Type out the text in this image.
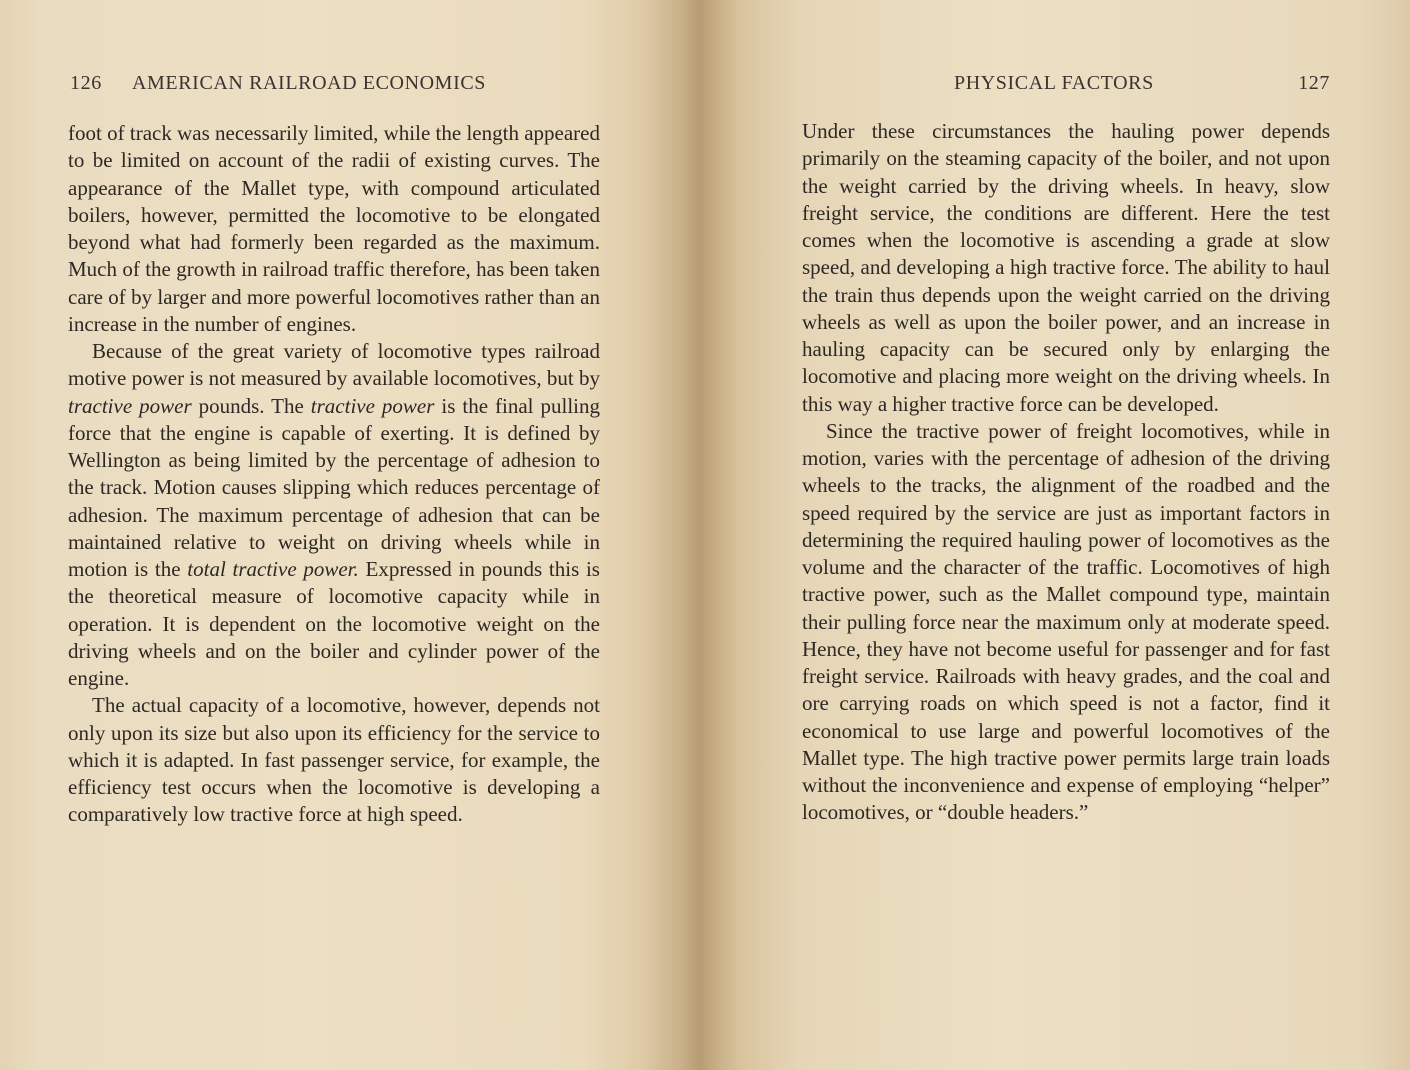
126 AMERICAN RAILROAD ECONOMICS

foot of track was necessarily limited, while the length appeared to be limited on account of the radii of existing curves. The appearance of the Mallet type, with compound articulated boilers, however, permitted the locomotive to be elongated beyond what had formerly been regarded as the maximum. Much of the growth in railroad traffic therefore, has been taken care of by larger and more powerful locomotives rather than an increase in the number of engines.

Because of the great variety of locomotive types railroad motive power is not measured by available locomotives, but by tractive power pounds. The tractive power is the final pulling force that the engine is capable of exerting. It is defined by Wellington as being limited by the percentage of adhesion to the track. Motion causes slipping which reduces percentage of adhesion. The maximum percentage of adhesion that can be maintained relative to weight on driving wheels while in motion is the total tractive power. Expressed in pounds this is the theoretical measure of locomotive capacity while in operation. It is dependent on the locomotive weight on the driving wheels and on the boiler and cylinder power of the engine.

The actual capacity of a locomotive, however, depends not only upon its size but also upon its efficiency for the service to which it is adapted. In fast passenger service, for example, the efficiency test occurs when the locomotive is developing a comparatively low tractive force at high speed.

PHYSICAL FACTORS	127

Under these circumstances the hauling power depends primarily on the steaming capacity of the boiler, and not upon the weight carried by the driving wheels. In heavy, slow freight service, the conditions are different. Here the test comes when the locomotive is ascending a grade at slow speed, and developing a high tractive force. The ability to haul the train thus depends upon the weight carried on the driving wheels as well as upon the boiler power, and an increase in hauling capacity can be secured only by enlarging the locomotive and placing more weight on the driving wheels. In this way a higher tractive force can be developed.

Since the tractive power of freight locomotives, while in motion, varies with the percentage of adhesion of the driving wheels to the tracks, the alignment of the roadbed and the speed required by the service are just as important factors in determining the required hauling power of locomotives as the volume and the character of the traffic. Locomotives of high tractive power, such as the Mallet compound type, maintain their pulling force near the maximum only at moderate speed. Hence, they have not become useful for passenger and for fast freight service. Railroads with heavy grades, and the coal and ore carrying roads on which speed is not a factor, find it economical to use large and powerful locomotives of the Mallet type. The high tractive power permits large train loads without the inconvenience and expense of employing “helper” locomotives, or “double headers.”
